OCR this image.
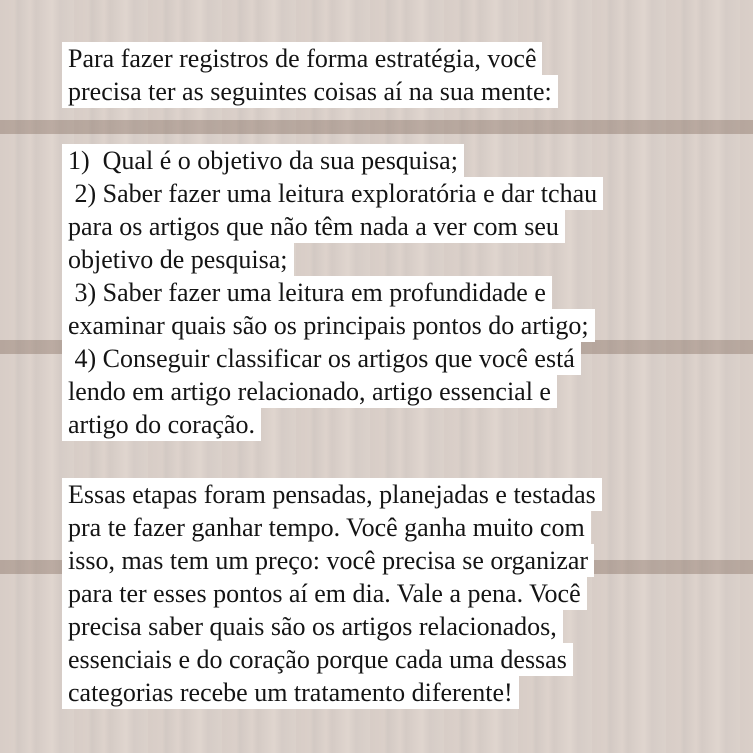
Para fazer registros de forma estratégia, você
precisa ter as seguintes coisas aí na sua mente:
1)  Qual é o objetivo da sua pesquisa;
2) Saber fazer uma leitura exploratória e dar tchau
para os artigos que não têm nada a ver com seu
objetivo de pesquisa;
3) Saber fazer uma leitura em profundidade e
examinar quais são os principais pontos do artigo;
4) Conseguir classificar os artigos que você está
lendo em artigo relacionado, artigo essencial e
artigo do coração.
Essas etapas foram pensadas, planejadas e testadas
pra te fazer ganhar tempo. Você ganha muito com
isso, mas tem um preço: você precisa se organizar
para ter esses pontos aí em dia. Vale a pena. Você
precisa saber quais são os artigos relacionados,
essenciais e do coração porque cada uma dessas
categorias recebe um tratamento diferente!
